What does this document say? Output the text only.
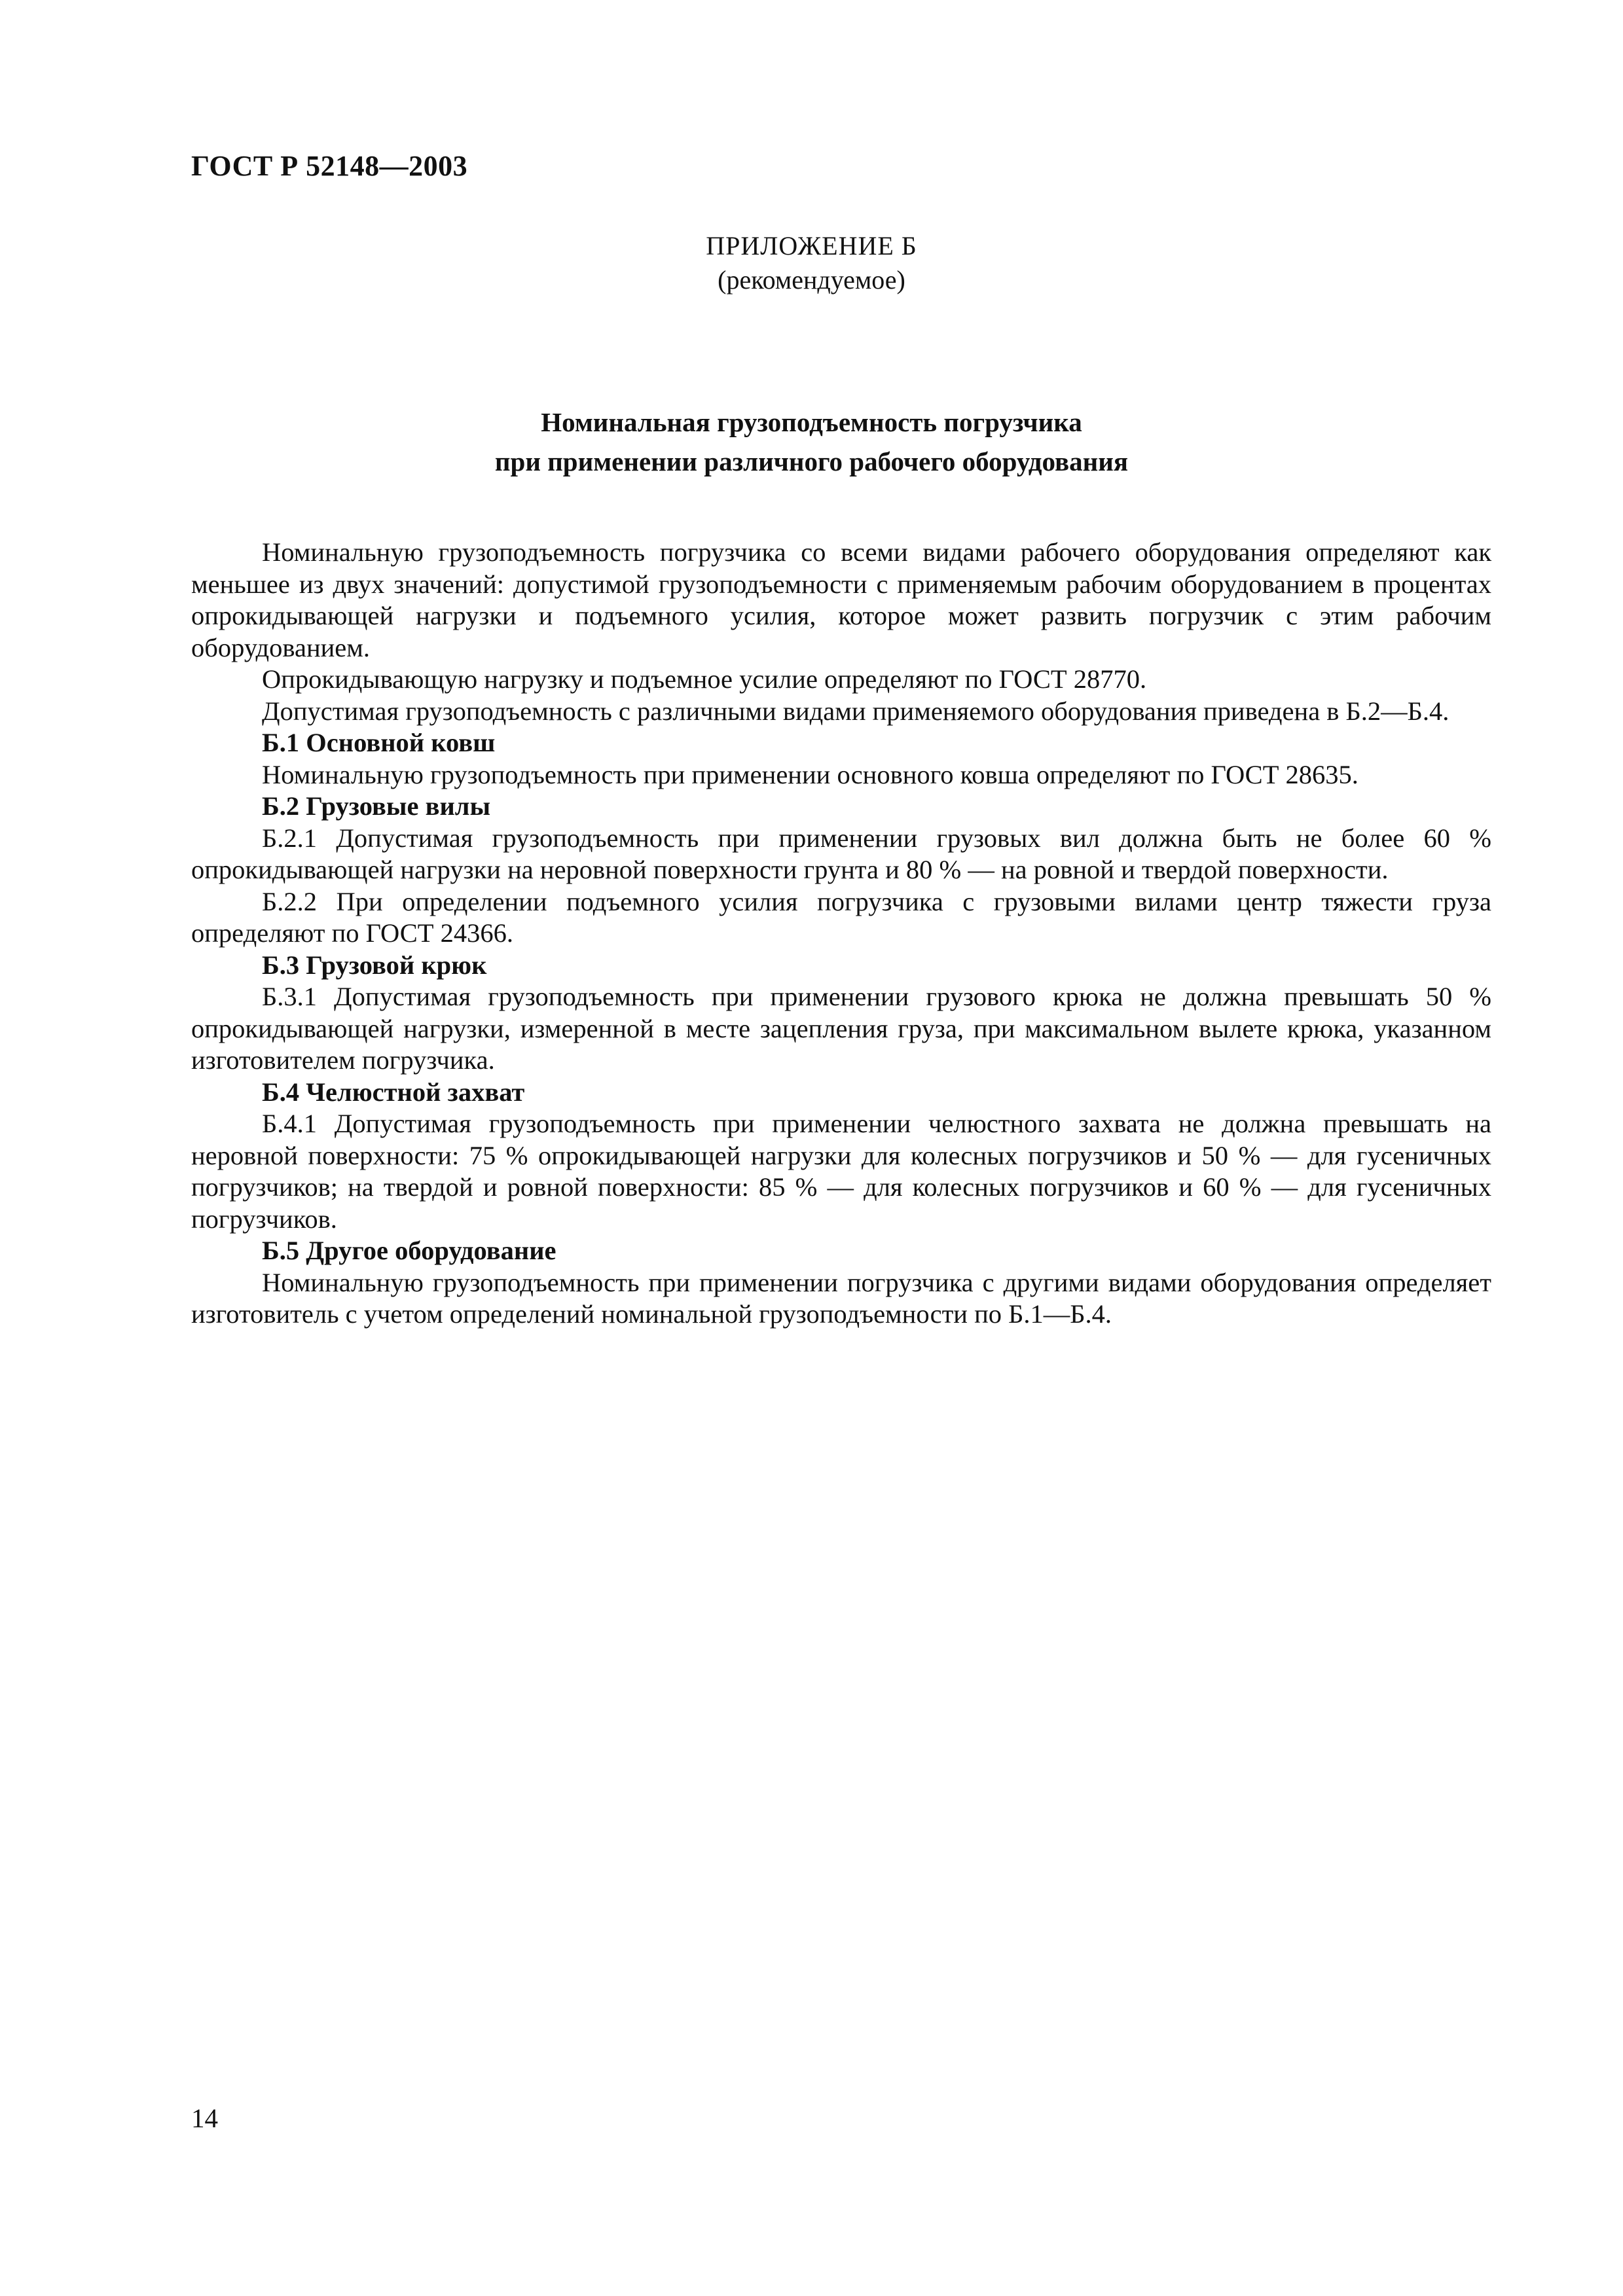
ГОСТ Р 52148—2003
ПРИЛОЖЕНИЕ Б
(рекомендуемое)
Номинальная грузоподъемность погрузчика
при применении различного рабочего оборудования

Номинальную грузоподъемность погрузчика со всеми видами рабочего оборудования определяют как меньшее из двух значений: допустимой грузоподъемности с применяемым рабочим оборудованием в процентах опрокидывающей нагрузки и подъемного усилия, которое может развить погрузчик с этим рабочим оборудованием.

Опрокидывающую нагрузку и подъемное усилие определяют по ГОСТ 28770.

Допустимая грузоподъемность с различными видами применяемого оборудования приведена в Б.2—Б.4.

Б.1 Основной ковш

Номинальную грузоподъемность при применении основного ковша определяют по ГОСТ 28635.

Б.2 Грузовые вилы

Б.2.1 Допустимая грузоподъемность при применении грузовых вил должна быть не более 60 % опрокидывающей нагрузки на неровной поверхности грунта и 80 % — на ровной и твердой поверхности.

Б.2.2 При определении подъемного усилия погрузчика с грузовыми вилами центр тяжести груза определяют по ГОСТ 24366.

Б.3 Грузовой крюк

Б.3.1 Допустимая грузоподъемность при применении грузового крюка не должна превышать 50 % опрокидывающей нагрузки, измеренной в месте зацепления груза, при максимальном вылете крюка, указанном изготовителем погрузчика.

Б.4 Челюстной захват

Б.4.1 Допустимая грузоподъемность при применении челюстного захвата не должна превышать на неровной поверхности: 75 % опрокидывающей нагрузки для колесных погрузчиков и 50 % — для гусеничных погрузчиков; на твердой и ровной поверхности: 85 % — для колесных погрузчиков и 60 % — для гусеничных погрузчиков.

Б.5 Другое оборудование

Номинальную грузоподъемность при применении погрузчика с другими видами оборудования определяет изготовитель с учетом определений номинальной грузоподъемности по Б.1—Б.4.

14
